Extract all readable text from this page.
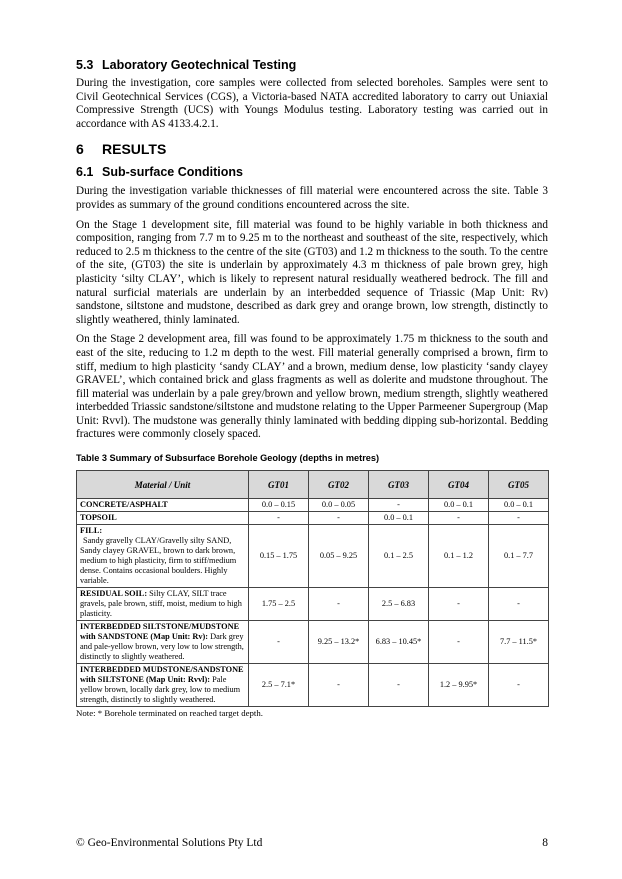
5.3 Laboratory Geotechnical Testing

During the investigation, core samples were collected from selected boreholes. Samples were sent to Civil Geotechnical Services (CGS), a Victoria-based NATA accredited laboratory to carry out Uniaxial Compressive Strength (UCS) with Youngs Modulus testing. Laboratory testing was carried out in accordance with AS 4133.4.2.1.

6 RESULTS
6.1 Sub-surface Conditions

During the investigation variable thicknesses of fill material were encountered across the site. Table 3 provides as summary of the ground conditions encountered across the site.

On the Stage 1 development site, fill material was found to be highly variable in both thickness and composition, ranging from 7.7 m to 9.25 m to the northeast and southeast of the site, respectively, which reduced to 2.5 m thickness to the centre of the site (GT03) and 1.2 m thickness to the south. To the centre of the site, (GT03) the site is underlain by approximately 4.3 m thickness of pale brown grey, high plasticity ‘silty CLAY’, which is likely to represent natural residually weathered bedrock. The fill and natural surficial materials are underlain by an interbedded sequence of Triassic (Map Unit: Rv) sandstone, siltstone and mudstone, described as dark grey and orange brown, low strength, distinctly to slightly weathered, thinly laminated.

On the Stage 2 development area, fill was found to be approximately 1.75 m thickness to the south and east of the site, reducing to 1.2 m depth to the west. Fill material generally comprised a brown, firm to stiff, medium to high plasticity ‘sandy CLAY’ and a brown, medium dense, low plasticity ‘sandy clayey GRAVEL’, which contained brick and glass fragments as well as dolerite and mudstone throughout. The fill material was underlain by a pale grey/brown and yellow brown, medium strength, slightly weathered interbedded Triassic sandstone/siltstone and mudstone relating to the Upper Parmeener Supergroup (Map Unit: Rvvl). The mudstone was generally thinly laminated with bedding dipping sub-horizontal. Bedding fractures were commonly closely spaced.

Table 3 Summary of Subsurface Borehole Geology (depths in metres)
Material / Unit	GT01	GT02	GT03	GT04	GT05
CONCRETE/ASPHALT	0.0 – 0.15	0.0 – 0.05	-	0.0 – 0.1	0.0 – 0.1
TOPSOIL	-	-	0.0 – 0.1	-	-
FILL:
Sandy gravelly CLAY/Gravelly silty SAND, Sandy clayey GRAVEL, brown to dark brown, medium to high plasticity, firm to stiff/medium dense. Contains occasional boulders. Highly variable.	0.15 – 1.75	0.05 – 9.25	0.1 – 2.5	0.1 – 1.2	0.1 – 7.7
RESIDUAL SOIL: Silty CLAY, SILT trace gravels, pale brown, stiff, moist, medium to high plasticity.	1.75 – 2.5	-	2.5 – 6.83	-	-
INTERBEDDED SILTSTONE/MUDSTONE with SANDSTONE (Map Unit: Rv): Dark grey and pale-yellow brown, very low to low strength, distinctly to slightly weathered.	-	9.25 – 13.2*	6.83 – 10.45*	-	7.7 – 11.5*
INTERBEDDED MUDSTONE/SANDSTONE with SILTSTONE (Map Unit: Rvvl): Pale yellow brown, locally dark grey, low to medium strength, distinctly to slightly weathered.	2.5 – 7.1*	-	-	1.2 – 9.95*	-
Note: * Borehole terminated on reached target depth.
© Geo-Environmental Solutions Pty Ltd	8
